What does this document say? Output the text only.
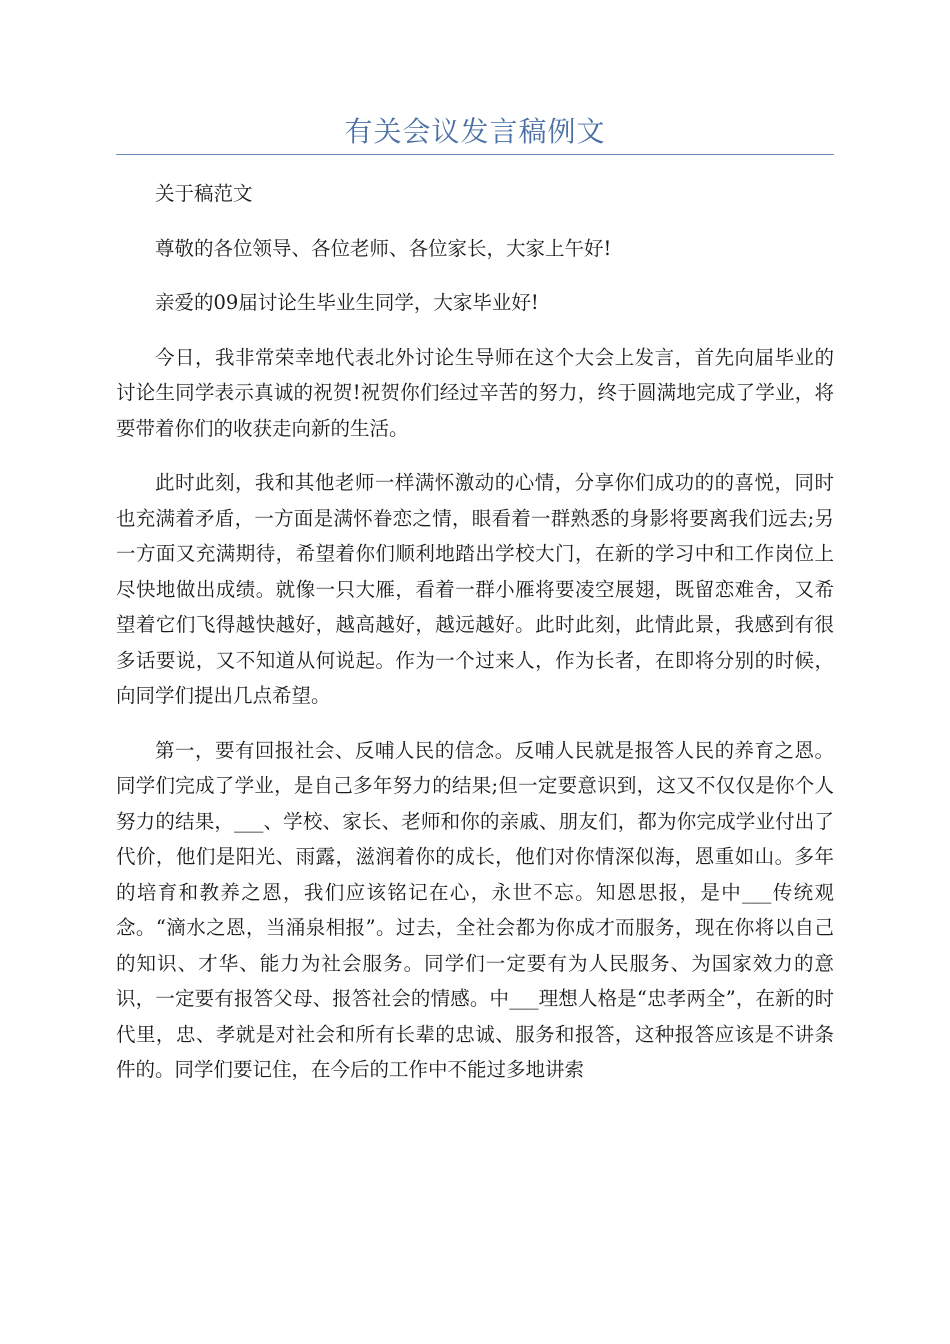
有关会议发言稿例文

关于稿范文

尊敬的各位领导、各位老师、各位家长，大家上午好!

亲爱的09届讨论生毕业生同学，大家毕业好!

今日，我非常荣幸地代表北外讨论生导师在这个大会上发言，首先向届毕业的讨论生同学表示真诚的祝贺!祝贺你们经过辛苦的努力，终于圆满地完成了学业，将要带着你们的收获走向新的生活。

此时此刻，我和其他老师一样满怀激动的心情，分享你们成功的的喜悦，同时也充满着矛盾，一方面是满怀眷恋之情，眼看着一群熟悉的身影将要离我们远去;另一方面又充满期待，希望着你们顺利地踏出学校大门，在新的学习中和工作岗位上尽快地做出成绩。就像一只大雁，看着一群小雁将要凌空展翅，既留恋难舍，又希望着它们飞得越快越好，越高越好，越远越好。此时此刻，此情此景，我感到有很多话要说，又不知道从何说起。作为一个过来人，作为长者，在即将分别的时候，向同学们提出几点希望。

第一，要有回报社会、反哺人民的信念。反哺人民就是报答人民的养育之恩。同学们完成了学业，是自己多年努力的结果;但一定要意识到，这又不仅仅是你个人努力的结果，___、学校、家长、老师和你的亲戚、朋友们，都为你完成学业付出了代价，他们是阳光、雨露，滋润着你的成长，他们对你情深似海，恩重如山。多年的培育和教养之恩，我们应该铭记在心，永世不忘。知恩思报，是中___传统观念。“滴水之恩，当涌泉相报”。过去，全社会都为你成才而服务，现在你将以自己的知识、才华、能力为社会服务。同学们一定要有为人民服务、为国家效力的意识，一定要有报答父母、报答社会的情感。中___理想人格是“忠孝两全”，在新的时代里，忠、孝就是对社会和所有长辈的忠诚、服务和报答，这种报答应该是不讲条件的。同学们要记住，在今后的工作中不能过多地讲索
